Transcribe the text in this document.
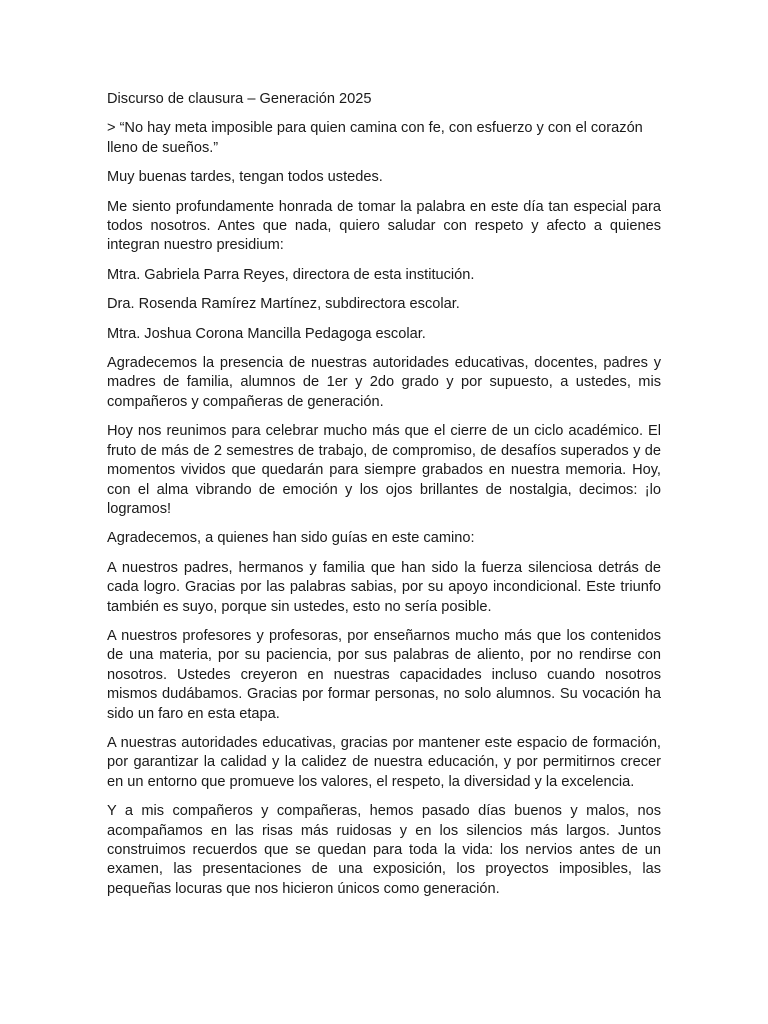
Discurso de clausura – Generación 2025

> “No hay meta imposible para quien camina con fe, con esfuerzo y con el corazón lleno de sueños.”

Muy buenas tardes, tengan todos ustedes.

Me siento profundamente honrada de tomar la palabra en este día tan especial para todos nosotros. Antes que nada, quiero saludar con respeto y afecto a quienes integran nuestro presidium:

Mtra. Gabriela Parra Reyes, directora de esta institución.

Dra. Rosenda Ramírez Martínez, subdirectora escolar.

Mtra. Joshua Corona Mancilla Pedagoga escolar.

Agradecemos la presencia de nuestras autoridades educativas, docentes, padres y madres de familia, alumnos de 1er y 2do grado y por supuesto, a ustedes, mis compañeros y compañeras de generación.

Hoy nos reunimos para celebrar mucho más que el cierre de un ciclo académico. El fruto de más de 2 semestres de trabajo, de compromiso, de desafíos superados y de momentos vividos que quedarán para siempre grabados en nuestra memoria. Hoy, con el alma vibrando de emoción y los ojos brillantes de nostalgia, decimos: ¡lo logramos!

Agradecemos, a quienes han sido guías en este camino:

A nuestros padres, hermanos y familia que han sido la fuerza silenciosa detrás de cada logro. Gracias por las palabras sabias, por su apoyo incondicional. Este triunfo también es suyo, porque sin ustedes, esto no sería posible.

A nuestros profesores y profesoras, por enseñarnos mucho más que los contenidos de una materia, por su paciencia, por sus palabras de aliento, por no rendirse con nosotros. Ustedes creyeron en nuestras capacidades incluso cuando nosotros mismos dudábamos. Gracias por formar personas, no solo alumnos. Su vocación ha sido un faro en esta etapa.

A nuestras autoridades educativas, gracias por mantener este espacio de formación, por garantizar la calidad y la calidez de nuestra educación, y por permitirnos crecer en un entorno que promueve los valores, el respeto, la diversidad y la excelencia.

Y a mis compañeros y compañeras, hemos pasado días buenos y malos, nos acompañamos en las risas más ruidosas y en los silencios más largos. Juntos construimos recuerdos que se quedan para toda la vida: los nervios antes de un examen, las presentaciones de una exposición, los proyectos imposibles, las pequeñas locuras que nos hicieron únicos como generación.
